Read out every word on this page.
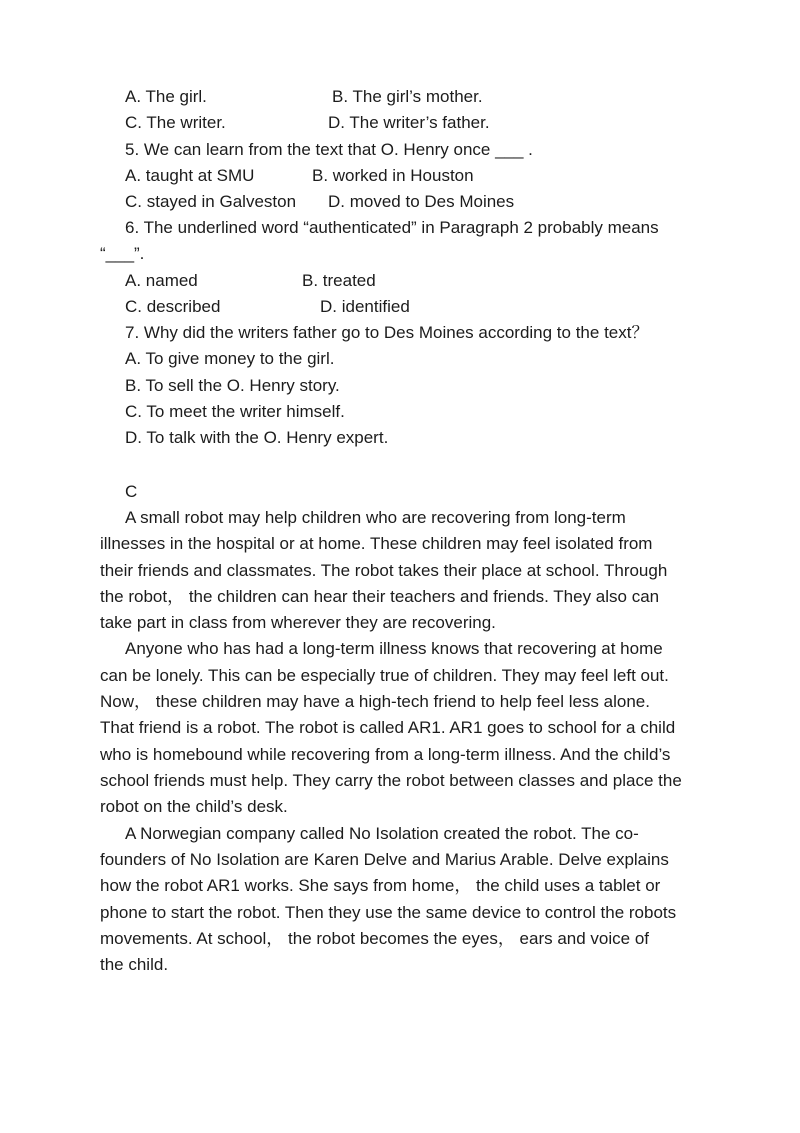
A. The girl.	B. The girl’s mother.
C. The writer.	D. The writer’s father.
5. We can learn from the text that O. Henry once ___ .
A. taught at SMU	B. worked in Houston
C. stayed in Galveston D. moved to Des Moines
6. The underlined word “authenticated” in Paragraph 2 probably means
“___”.
A. named	B. treated
C. described	D. identified
7. Why did the writers father go to Des Moines according to the text？
A. To give money to the girl.
B. To sell the O. Henry story.
C. To meet the writer himself.
D. To talk with the O. Henry expert.
C
A small robot may help children who are recovering from long-term
illnesses in the hospital or at home. These children may feel isolated from
their friends and classmates. The robot takes their place at school. Through
the robot， the children can hear their teachers and friends. They also can
take part in class from wherever they are recovering.
Anyone who has had a long-term illness knows that recovering at home
can be lonely. This can be especially true of children. They may feel left out.
Now， these children may have a high-tech friend to help feel less alone.
That friend is a robot. The robot is called AR1. AR1 goes to school for a child
who is homebound while recovering from a long-term illness. And the child’s
school friends must help. They carry the robot between classes and place the
robot on the child’s desk.
A Norwegian company called No Isolation created the robot. The co-
founders of No Isolation are Karen Delve and Marius Arable. Delve explains
how the robot AR1 works. She says from home， the child uses a tablet or
phone to start the robot. Then they use the same device to control the robots
movements. At school， the robot becomes the eyes， ears and voice of
the child.
